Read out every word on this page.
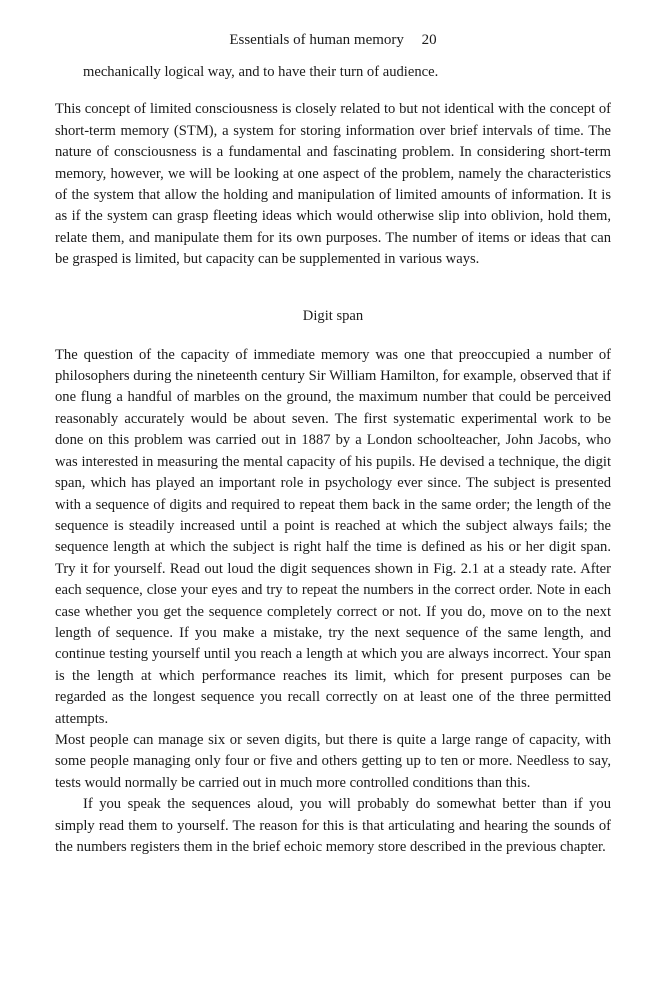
Essentials of human memory 20

mechanically logical way, and to have their turn of audience.

This concept of limited consciousness is closely related to but not identical with the concept of short-term memory (STM), a system for storing information over brief intervals of time. The nature of consciousness is a fundamental and fascinating problem. In considering short-term memory, however, we will be looking at one aspect of the problem, namely the characteristics of the system that allow the holding and manipulation of limited amounts of information. It is as if the system can grasp fleeting ideas which would otherwise slip into oblivion, hold them, relate them, and manipulate them for its own purposes. The number of items or ideas that can be grasped is limited, but capacity can be supplemented in various ways.

Digit span

The question of the capacity of immediate memory was one that preoccupied a number of philosophers during the nineteenth century Sir William Hamilton, for example, observed that if one flung a handful of marbles on the ground, the maximum number that could be perceived reasonably accurately would be about seven. The first systematic experimental work to be done on this problem was carried out in 1887 by a London schoolteacher, John Jacobs, who was interested in measuring the mental capacity of his pupils. He devised a technique, the digit span, which has played an important role in psychology ever since. The subject is presented with a sequence of digits and required to repeat them back in the same order; the length of the sequence is steadily increased until a point is reached at which the subject always fails; the sequence length at which the subject is right half the time is defined as his or her digit span. Try it for yourself. Read out loud the digit sequences shown in Fig. 2.1 at a steady rate. After each sequence, close your eyes and try to repeat the numbers in the correct order. Note in each case whether you get the sequence completely correct or not. If you do, move on to the next length of sequence. If you make a mistake, try the next sequence of the same length, and continue testing yourself until you reach a length at which you are always incorrect. Your span is the length at which performance reaches its limit, which for present purposes can be regarded as the longest sequence you recall correctly on at least one of the three permitted attempts.

Most people can manage six or seven digits, but there is quite a large range of capacity, with some people managing only four or five and others getting up to ten or more. Needless to say, tests would normally be carried out in much more controlled conditions than this.

If you speak the sequences aloud, you will probably do somewhat better than if you simply read them to yourself. The reason for this is that articulating and hearing the sounds of the numbers registers them in the brief echoic memory store described in the previous chapter.
